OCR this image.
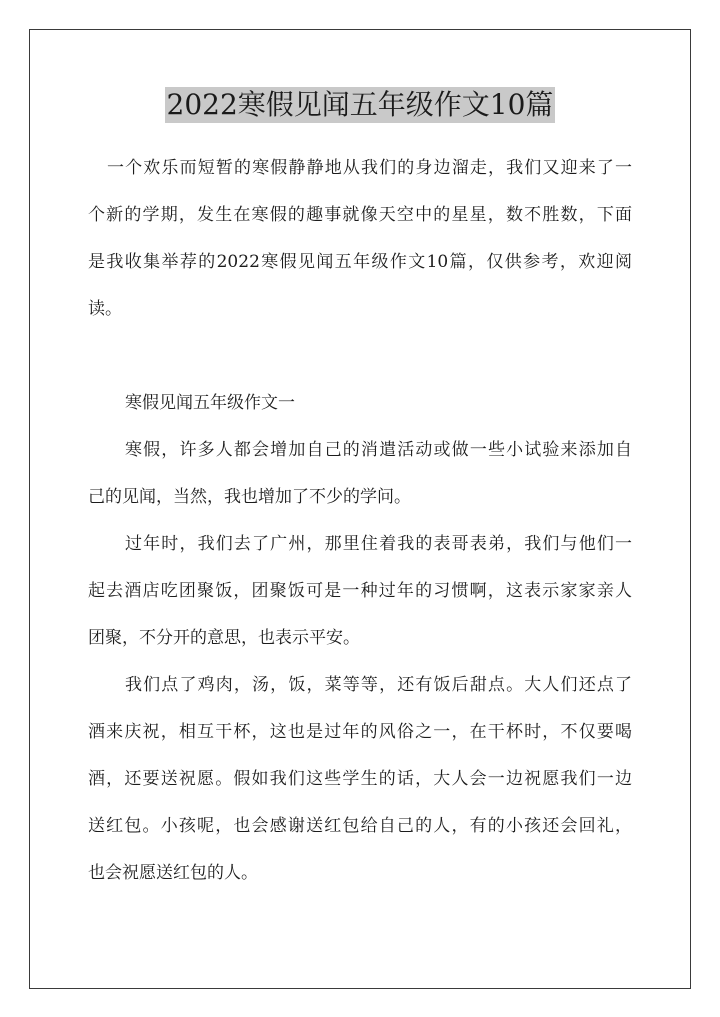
2022寒假见闻五年级作文10篇
一个欢乐而短暂的寒假静静地从我们的身边溜走，我们又迎来了一
个新的学期，发生在寒假的趣事就像天空中的星星，数不胜数，下面
是我收集举荐的2022寒假见闻五年级作文10篇，仅供参考，欢迎阅
读。
寒假见闻五年级作文一
寒假，许多人都会增加自己的消遣活动或做一些小试验来添加自
己的见闻，当然，我也增加了不少的学问。
过年时，我们去了广州，那里住着我的表哥表弟，我们与他们一
起去酒店吃团聚饭，团聚饭可是一种过年的习惯啊，这表示家家亲人
团聚，不分开的意思，也表示平安。
我们点了鸡肉，汤，饭，菜等等，还有饭后甜点。大人们还点了
酒来庆祝，相互干杯，这也是过年的风俗之一，在干杯时，不仅要喝
酒，还要送祝愿。假如我们这些学生的话，大人会一边祝愿我们一边
送红包。小孩呢，也会感谢送红包给自己的人，有的小孩还会回礼，
也会祝愿送红包的人。
